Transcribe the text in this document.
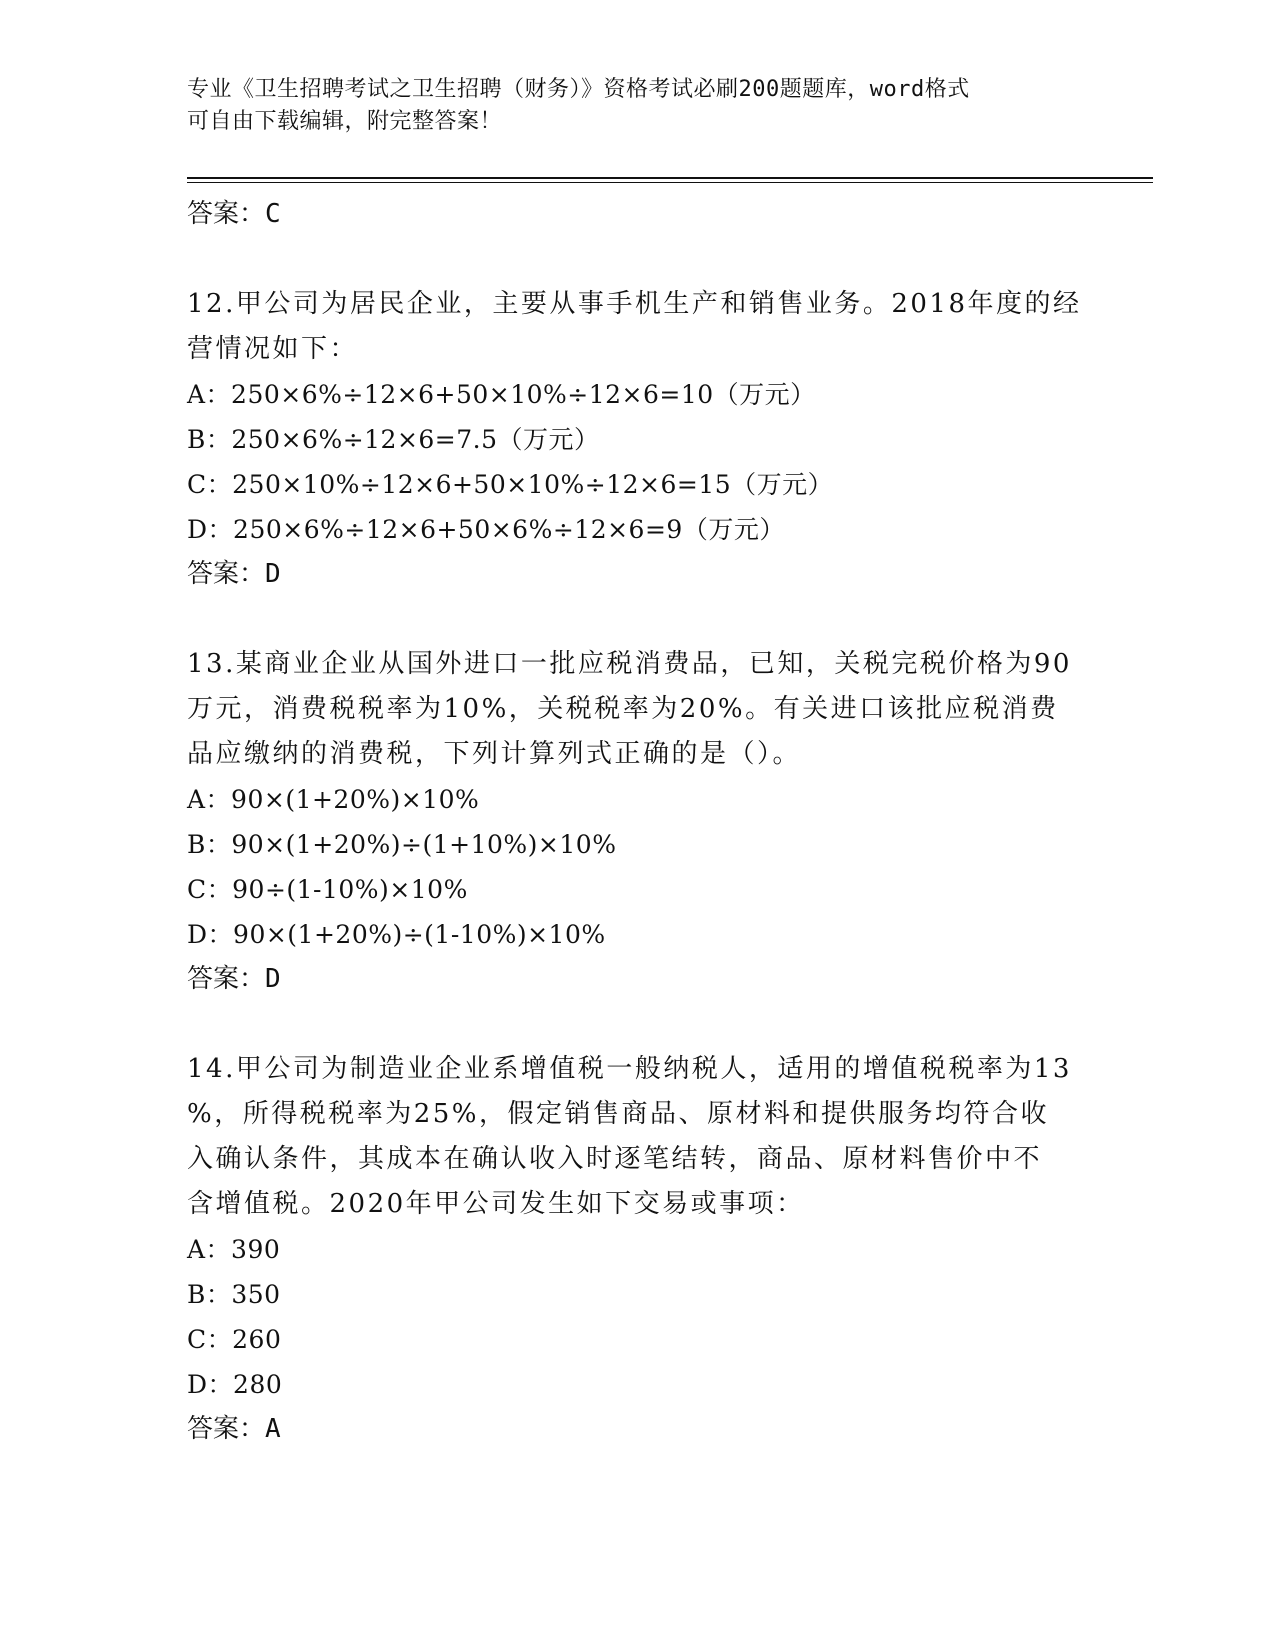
专业《卫生招聘考试之卫生招聘（财务）》资格考试必刷200题题库，word格式
可自由下载编辑，附完整答案！
答案：C
12.甲公司为居民企业，主要从事手机生产和销售业务。2018年度的经
营情况如下：
A：250×6%÷12×6+50×10%÷12×6=10（万元）
B：250×6%÷12×6=7.5（万元）
C：250×10%÷12×6+50×10%÷12×6=15（万元）
D：250×6%÷12×6+50×6%÷12×6=9（万元）
答案：D
13.某商业企业从国外进口一批应税消费品，已知，关税完税价格为90
万元，消费税税率为10%，关税税率为20%。有关进口该批应税消费
品应缴纳的消费税，下列计算列式正确的是（）。
A：90×(1+20%)×10%
B：90×(1+20%)÷(1+10%)×10%
C：90÷(1-10%)×10%
D：90×(1+20%)÷(1-10%)×10%
答案：D
14.甲公司为制造业企业系增值税一般纳税人，适用的增值税税率为13
%，所得税税率为25%，假定销售商品、原材料和提供服务均符合收
入确认条件，其成本在确认收入时逐笔结转，商品、原材料售价中不
含增值税。2020年甲公司发生如下交易或事项：
A：390
B：350
C：260
D：280
答案：A
